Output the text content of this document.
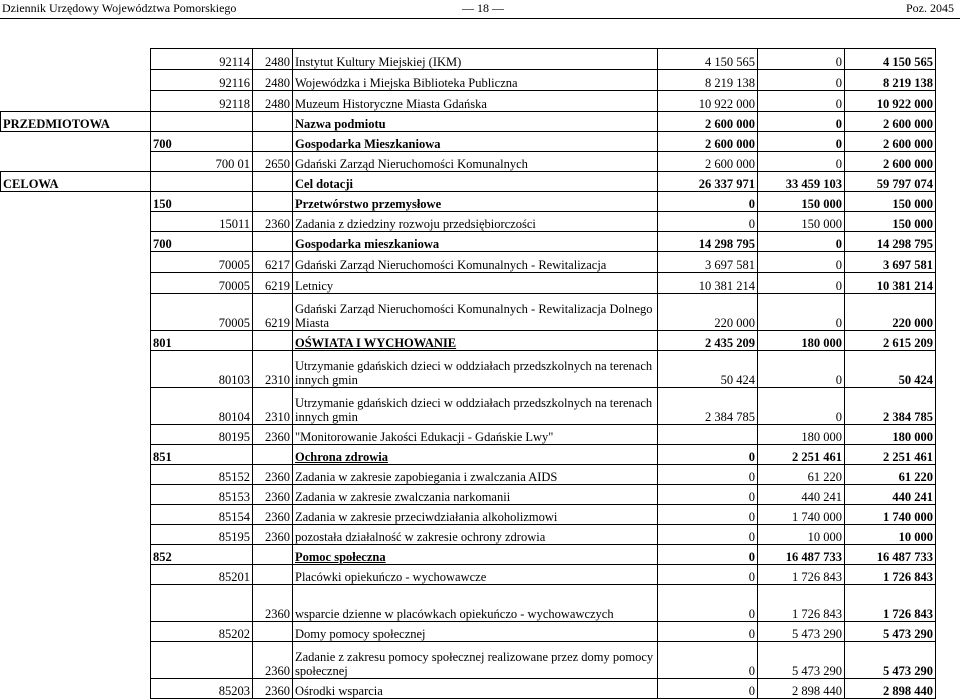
Dziennik Urzędowy Województwa Pomorskiego	— 18 —	Poz. 2045
	92114	2480	Instytut Kultury Miejskiej (IKM)	4 150 565	0	4 150 565
	92116	2480	Wojewódzka i Miejska Biblioteka Publiczna	8 219 138	0	8 219 138
	92118	2480	Muzeum Historyczne Miasta Gdańska	10 922 000	0	10 922 000
PRZEDMIOTOWA			Nazwa podmiotu	2 600 000	0	2 600 000
	700		Gospodarka Mieszkaniowa	2 600 000	0	2 600 000
	700 01	2650	Gdański Zarząd Nieruchomości Komunalnych	2 600 000	0	2 600 000
CELOWA			Cel dotacji	26 337 971	33 459 103	59 797 074
	150		Przetwórstwo przemysłowe	0	150 000	150 000
	15011	2360	Zadania z dziedziny rozwoju przedsiębiorczości	0	150 000	150 000
	700		Gospodarka mieszkaniowa	14 298 795	0	14 298 795
	70005	6217	Gdański Zarząd Nieruchomości Komunalnych - Rewitalizacja	3 697 581	0	3 697 581
	70005	6219	Letnicy	10 381 214	0	10 381 214
	70005	6219	Gdański Zarząd Nieruchomości Komunalnych - Rewitalizacja Dolnego Miasta	220 000	0	220 000
	801		OŚWIATA I WYCHOWANIE	2 435 209	180 000	2 615 209
	80103	2310	Utrzymanie gdańskich dzieci w oddziałach przedszkolnych na terenach innych gmin	50 424	0	50 424
	80104	2310	Utrzymanie gdańskich dzieci w oddziałach przedszkolnych na terenach innych gmin	2 384 785	0	2 384 785
	80195	2360	"Monitorowanie Jakości Edukacji - Gdańskie Lwy"		180 000	180 000
	851		Ochrona zdrowia	0	2 251 461	2 251 461
	85152	2360	Zadania w zakresie zapobiegania i zwalczania AIDS	0	61 220	61 220
	85153	2360	Zadania w zakresie zwalczania narkomanii	0	440 241	440 241
	85154	2360	Zadania w zakresie przeciwdziałania alkoholizmowi	0	1 740 000	1 740 000
	85195	2360	pozostała działalność w zakresie ochrony zdrowia	0	10 000	10 000
	852		Pomoc społeczna	0	16 487 733	16 487 733
	85201		Placówki opiekuńczo - wychowawcze	0	1 726 843	1 726 843
		2360	wsparcie dzienne w placówkach opiekuńczo - wychowawczych	0	1 726 843	1 726 843
	85202		Domy pomocy społecznej	0	5 473 290	5 473 290
		2360	Zadanie z zakresu pomocy społecznej realizowane przez domy pomocy społecznej	0	5 473 290	5 473 290
	85203	2360	Ośrodki wsparcia	0	2 898 440	2 898 440
